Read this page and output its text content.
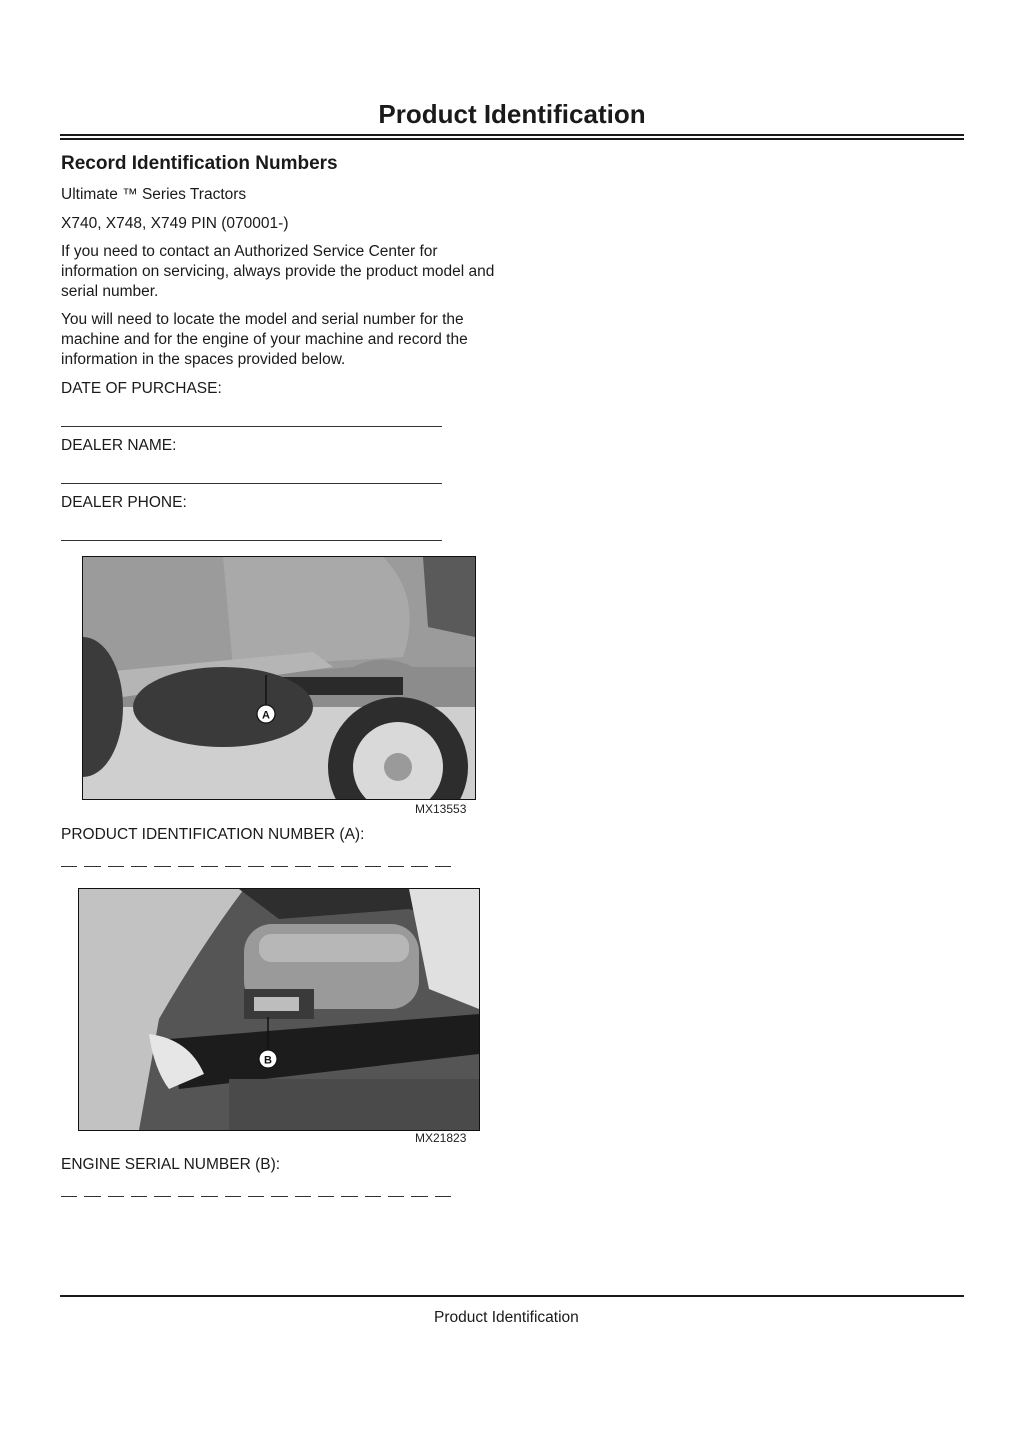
Product Identification
Record Identification Numbers

Ultimate ™ Series Tractors

X740, X748, X749 PIN (070001-)

If you need to contact an Authorized Service Center for information on servicing, always provide the product model and serial number.

You will need to locate the model and serial number for the machine and for the engine of your machine and record the information in the spaces provided below.

DATE OF PURCHASE:

DEALER NAME:

DEALER PHONE:

A
MX13553

PRODUCT IDENTIFICATION NUMBER (A):

B
MX21823

ENGINE SERIAL NUMBER (B):

Product Identification
